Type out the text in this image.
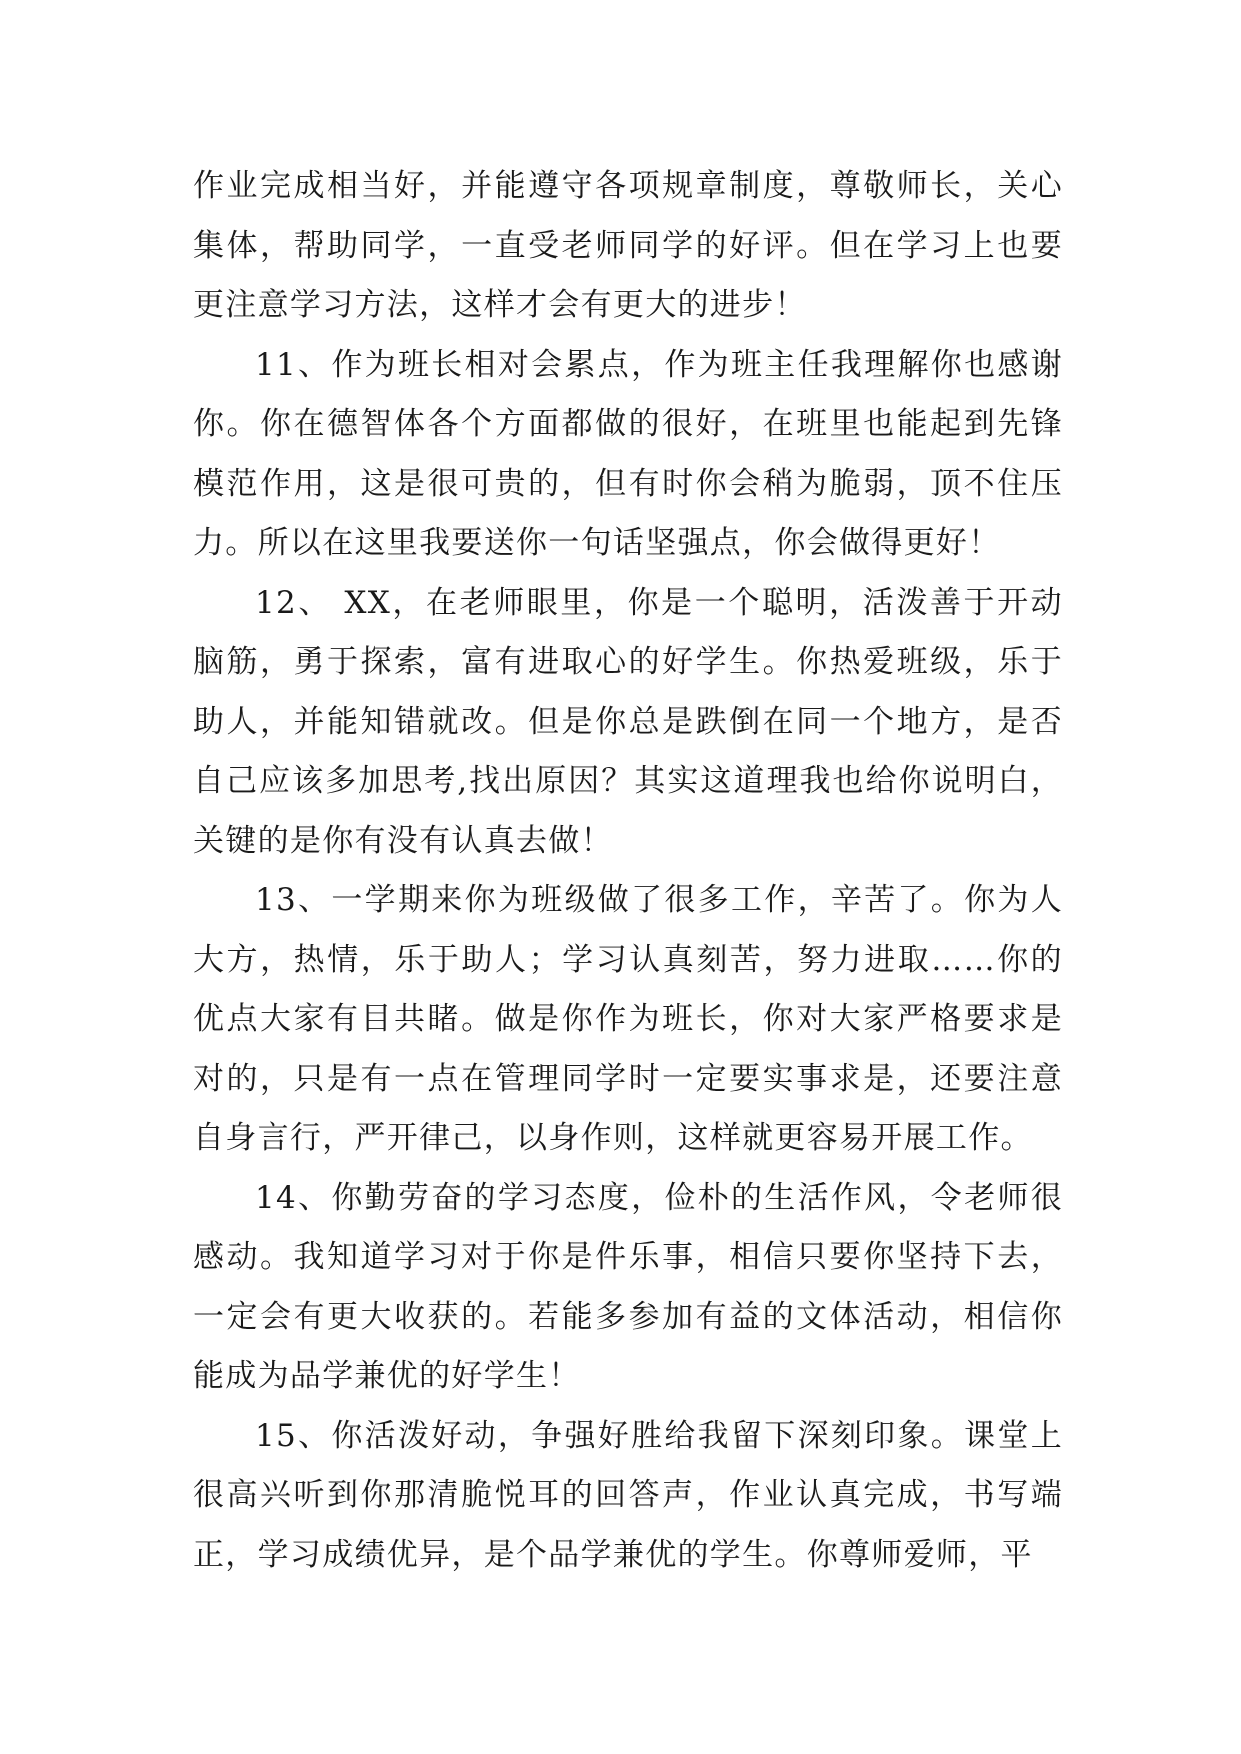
作业完成相当好，并能遵守各项规章制度，尊敬师长，关心集体，帮助同学，一直受老师同学的好评。但在学习上也要更注意学习方法，这样才会有更大的进步！

11、作为班长相对会累点，作为班主任我理解你也感谢你。你在德智体各个方面都做的很好，在班里也能起到先锋模范作用，这是很可贵的，但有时你会稍为脆弱，顶不住压力。所以在这里我要送你一句话坚强点，你会做得更好！

12、 XX，在老师眼里，你是一个聪明，活泼善于开动脑筋，勇于探索，富有进取心的好学生。你热爱班级，乐于助人，并能知错就改。但是你总是跌倒在同一个地方，是否自己应该多加思考,找出原因？其实这道理我也给你说明白，关键的是你有没有认真去做！

13、一学期来你为班级做了很多工作，辛苦了。你为人大方，热情，乐于助人；学习认真刻苦，努力进取……你的优点大家有目共睹。做是你作为班长，你对大家严格要求是对的，只是有一点在管理同学时一定要实事求是，还要注意自身言行，严开律己，以身作则，这样就更容易开展工作。

14、你勤劳奋的学习态度，俭朴的生活作风，令老师很感动。我知道学习对于你是件乐事，相信只要你坚持下去，一定会有更大收获的。若能多参加有益的文体活动，相信你能成为品学兼优的好学生！

15、你活泼好动，争强好胜给我留下深刻印象。课堂上很高兴听到你那清脆悦耳的回答声，作业认真完成，书写端正，学习成绩优异，是个品学兼优的学生。你尊师爱师，平
